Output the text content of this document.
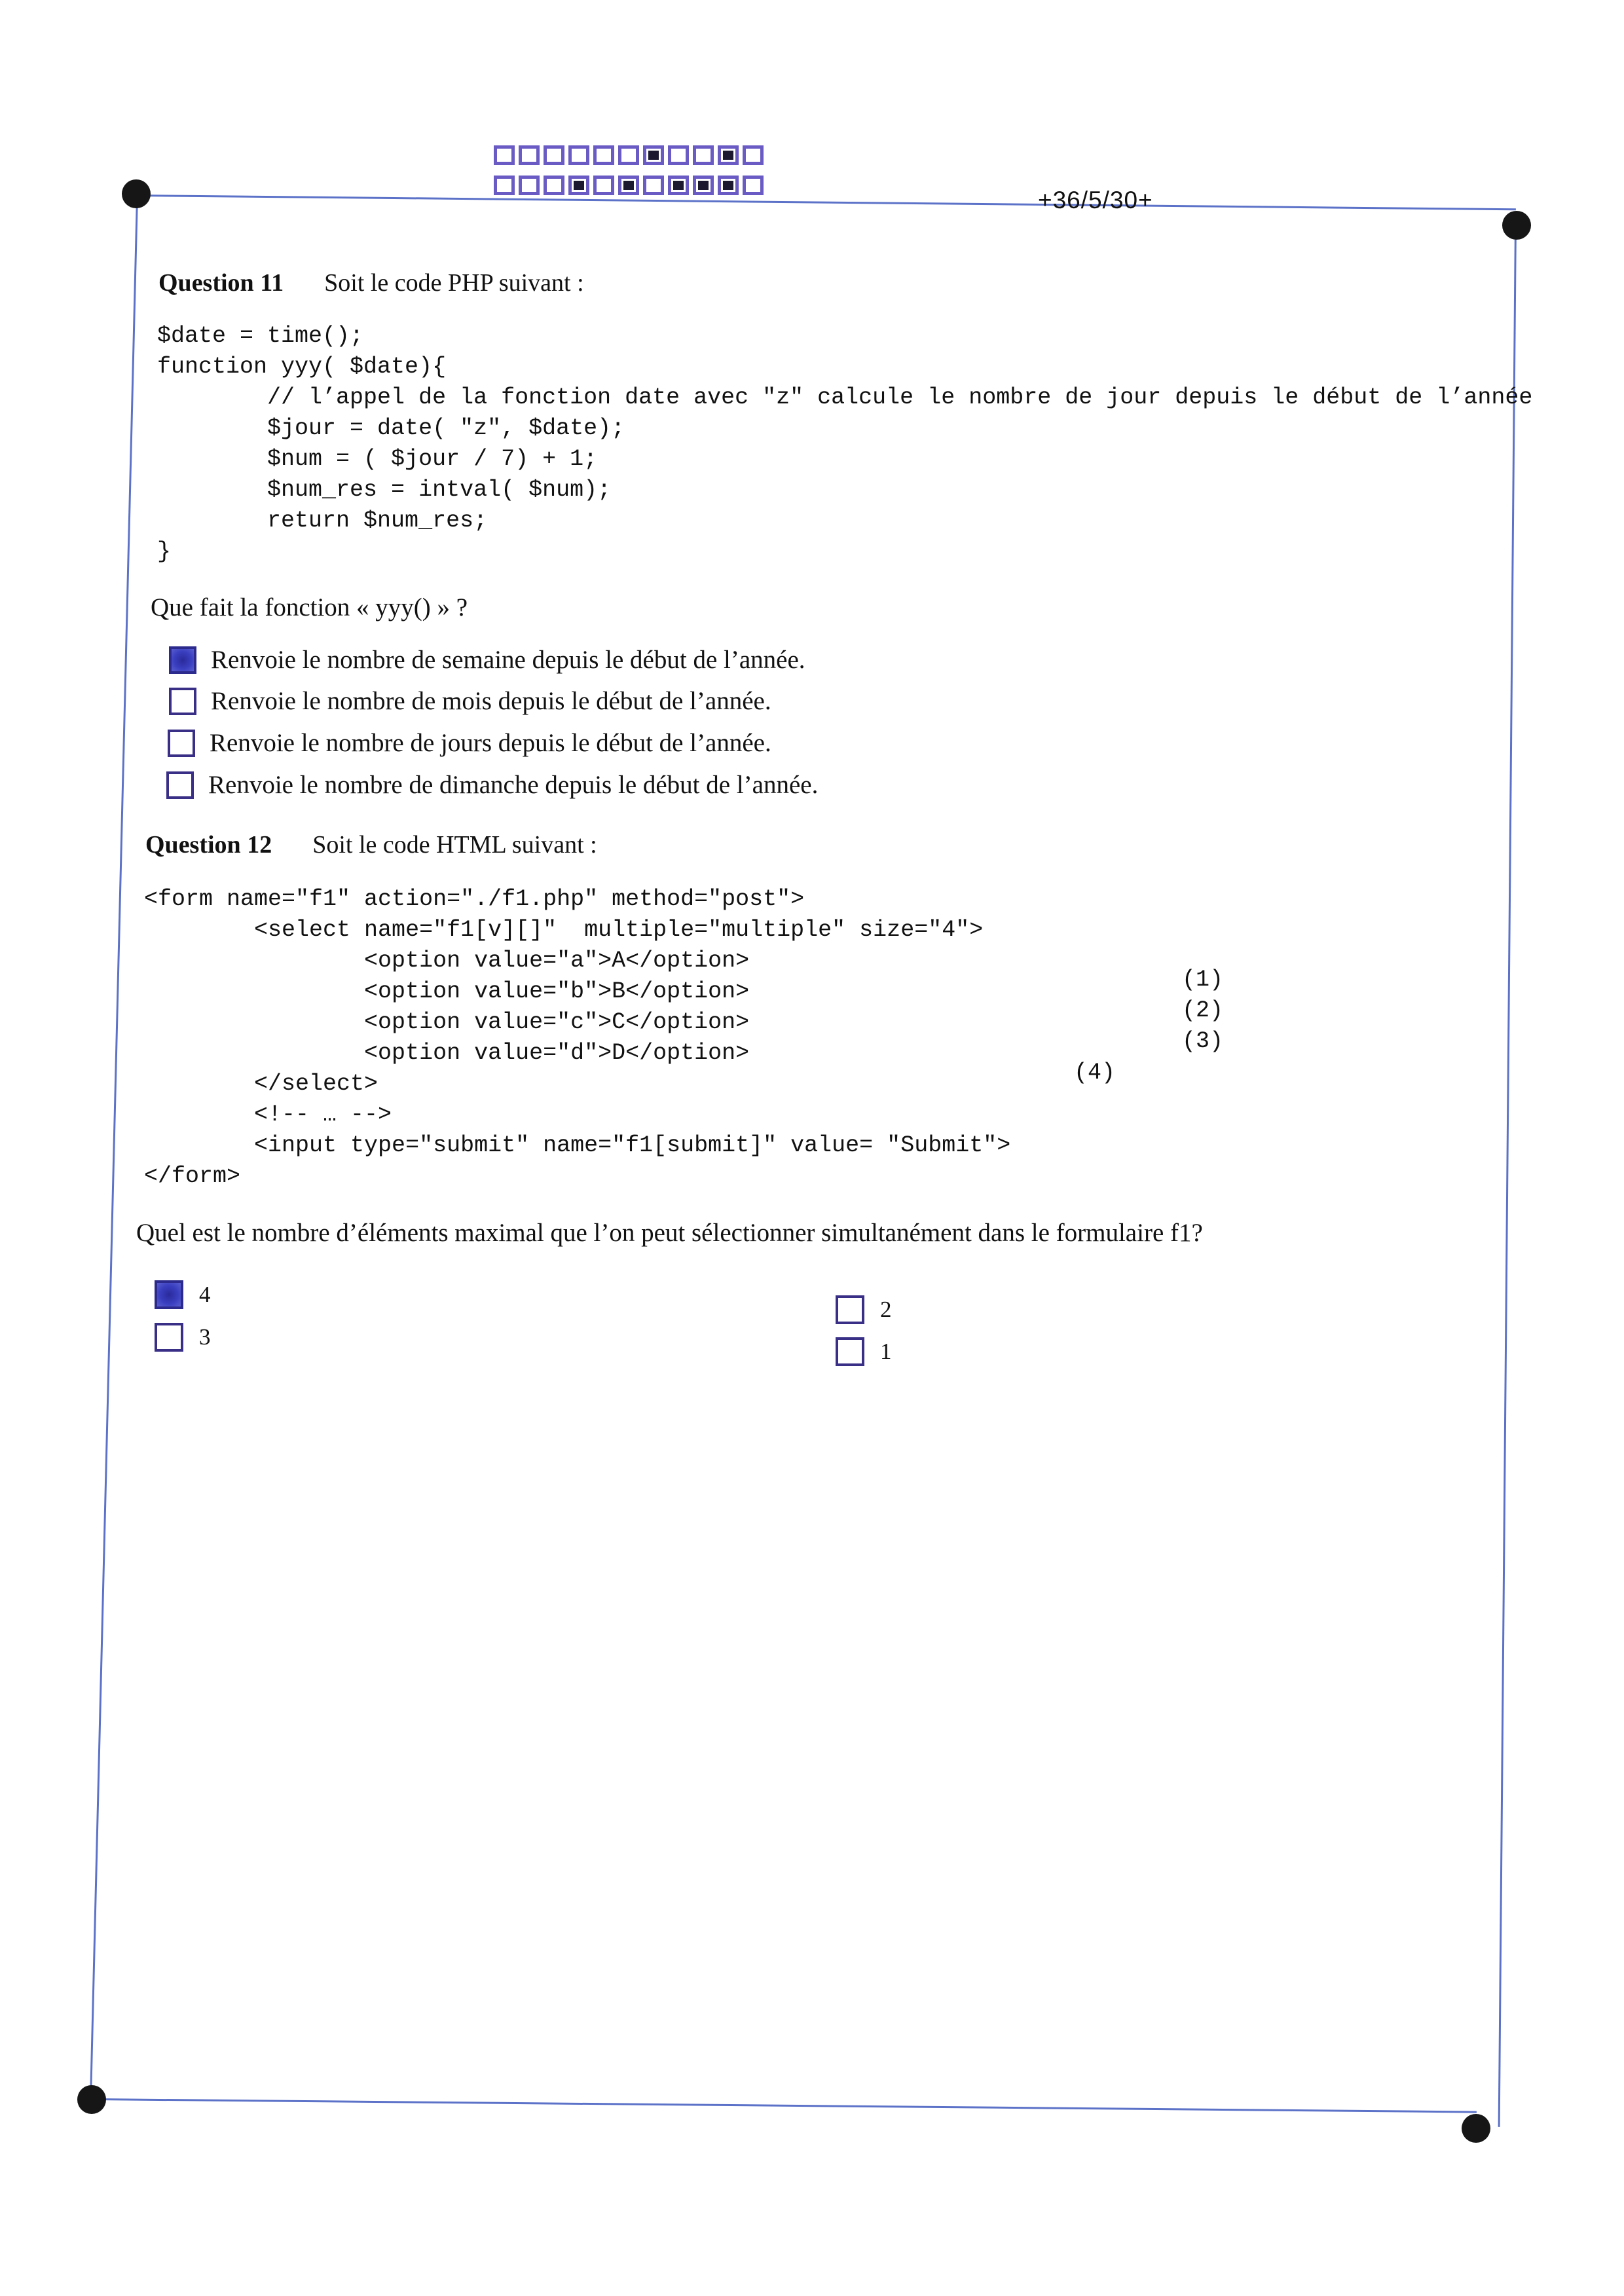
+36/5/30+
Question 11 Soit le code PHP suivant :
$date = time();
function yyy( $date){
// l’appel de la fonction date avec "z" calcule le nombre de jour depuis le début de l’année
$jour = date( "z", $date);
$num = ( $jour / 7) + 1;
$num_res = intval( $num);
return $num_res;
}
Que fait la fonction « yyy() » ?
Renvoie le nombre de semaine depuis le début de l’année.
Renvoie le nombre de mois depuis le début de l’année.
Renvoie le nombre de jours depuis le début de l’année.
Renvoie le nombre de dimanche depuis le début de l’année.
Question 12 Soit le code HTML suivant :
<form name="f1" action="./f1.php" method="post">
<select name="f1[v][]"  multiple="multiple" size="4">
<option value="a">A</option>
<option value="b">B</option>
<option value="c">C</option>
<option value="d">D</option>
</select>
<!-- … -->
<input type="submit" name="f1[submit]" value= "Submit">
</form>
(1)
(2)
(3)
(4)
Quel est le nombre d’éléments maximal que l’on peut sélectionner simultanément dans le formulaire f1?
4
3
2
1
